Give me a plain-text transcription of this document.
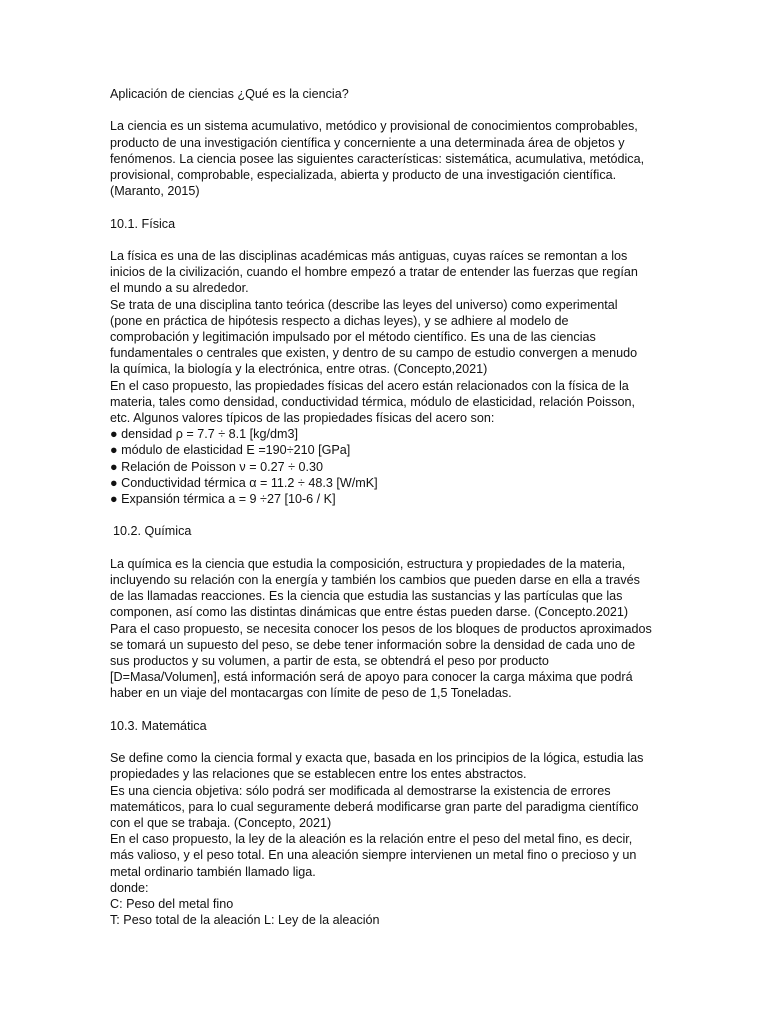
Aplicación de ciencias ¿Qué es la ciencia?

La ciencia es un sistema acumulativo, metódico y provisional de conocimientos comprobables,
producto de una investigación científica y concerniente a una determinada área de objetos y
fenómenos. La ciencia posee las siguientes características: sistemática, acumulativa, metódica,
provisional, comprobable, especializada, abierta y producto de una investigación científica.
(Maranto, 2015)

10.1. Física

La física es una de las disciplinas académicas más antiguas, cuyas raíces se remontan a los
inicios de la civilización, cuando el hombre empezó a tratar de entender las fuerzas que regían
el mundo a su alrededor.
Se trata de una disciplina tanto teórica (describe las leyes del universo) como experimental
(pone en práctica de hipótesis respecto a dichas leyes), y se adhiere al modelo de
comprobación y legitimación impulsado por el método científico. Es una de las ciencias
fundamentales o centrales que existen, y dentro de su campo de estudio convergen a menudo
la química, la biología y la electrónica, entre otras. (Concepto,2021)
En el caso propuesto, las propiedades físicas del acero están relacionados con la física de la
materia, tales como densidad, conductividad térmica, módulo de elasticidad, relación Poisson,
etc. Algunos valores típicos de las propiedades físicas del acero son:
● densidad ρ = 7.7 ÷ 8.1 [kg/dm3]
● módulo de elasticidad E =190÷210 [GPa]
● Relación de Poisson ν = 0.27 ÷ 0.30
● Conductividad térmica α = 11.2 ÷ 48.3 [W/mK]
● Expansión térmica a = 9 ÷27 [10-6 / K]

10.2. Química

La química es la ciencia que estudia la composición, estructura y propiedades de la materia,
incluyendo su relación con la energía y también los cambios que pueden darse en ella a través
de las llamadas reacciones. Es la ciencia que estudia las sustancias y las partículas que las
componen, así como las distintas dinámicas que entre éstas pueden darse. (Concepto.2021)
Para el caso propuesto, se necesita conocer los pesos de los bloques de productos aproximados
se tomará un supuesto del peso, se debe tener información sobre la densidad de cada uno de
sus productos y su volumen, a partir de esta, se obtendrá el peso por producto
[D=Masa/Volumen], está información será de apoyo para conocer la carga máxima que podrá
haber en un viaje del montacargas con límite de peso de 1,5 Toneladas.

10.3. Matemática

Se define como la ciencia formal y exacta que, basada en los principios de la lógica, estudia las
propiedades y las relaciones que se establecen entre los entes abstractos.
Es una ciencia objetiva: sólo podrá ser modificada al demostrarse la existencia de errores
matemáticos, para lo cual seguramente deberá modificarse gran parte del paradigma científico
con el que se trabaja. (Concepto, 2021)
En el caso propuesto, la ley de la aleación es la relación entre el peso del metal fino, es decir,
más valioso, y el peso total. En una aleación siempre intervienen un metal fino o precioso y un
metal ordinario también llamado liga.
donde:
C: Peso del metal fino
T: Peso total de la aleación L: Ley de la aleación
